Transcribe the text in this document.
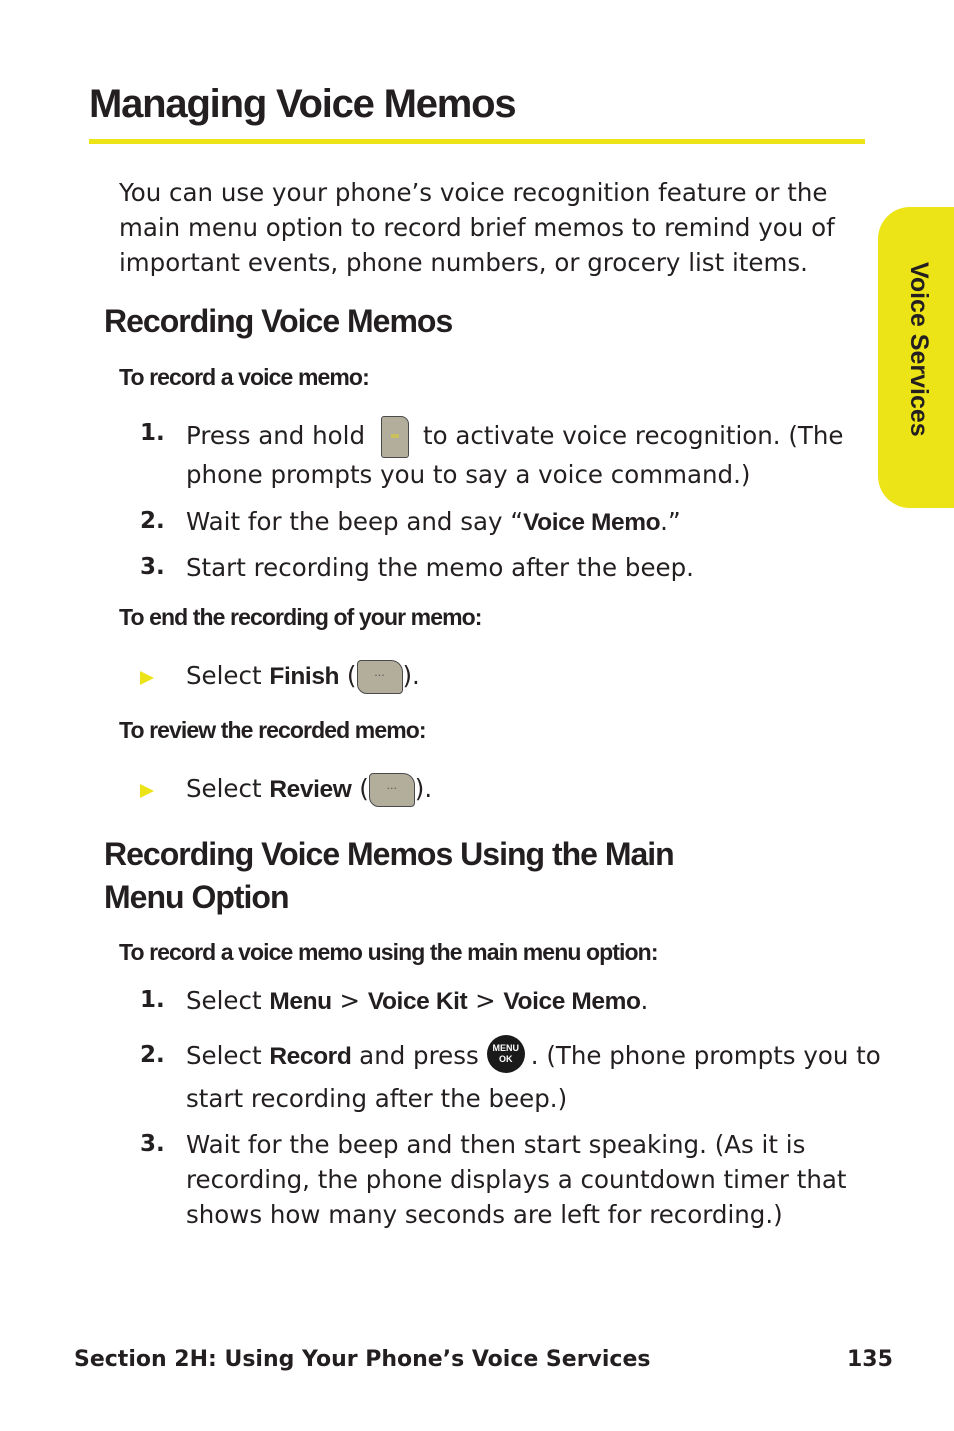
Managing Voice Memos

You can use your phone’s voice recognition feature or the main menu option to record brief memos to remind you of important events, phone numbers, or grocery list items.	Voice Services
Recording Voice Memos
To record a voice memo:
1. Press and hold to activate voice recognition. (The
phone prompts you to say a voice command.)
2. Wait for the beep and say “Voice Memo.”
3. Start recording the memo after the beep.
To end the recording of your memo:
Select Finish ( ··· ).
To review the recorded memo:
Select Review ( ··· ).
Recording Voice Memos Using the Main
Menu Option
To record a voice memo using the main menu option:
1. Select Menu > Voice Kit > Voice Memo.
2. Select Record and press	MENU
OK . (The phone prompts you to
start recording after the beep.)
3. Wait for the beep and then start speaking. (As it is
recording, the phone displays a countdown timer that
shows how many seconds are left for recording.)
Section 2H: Using Your Phone’s Voice Services	135
